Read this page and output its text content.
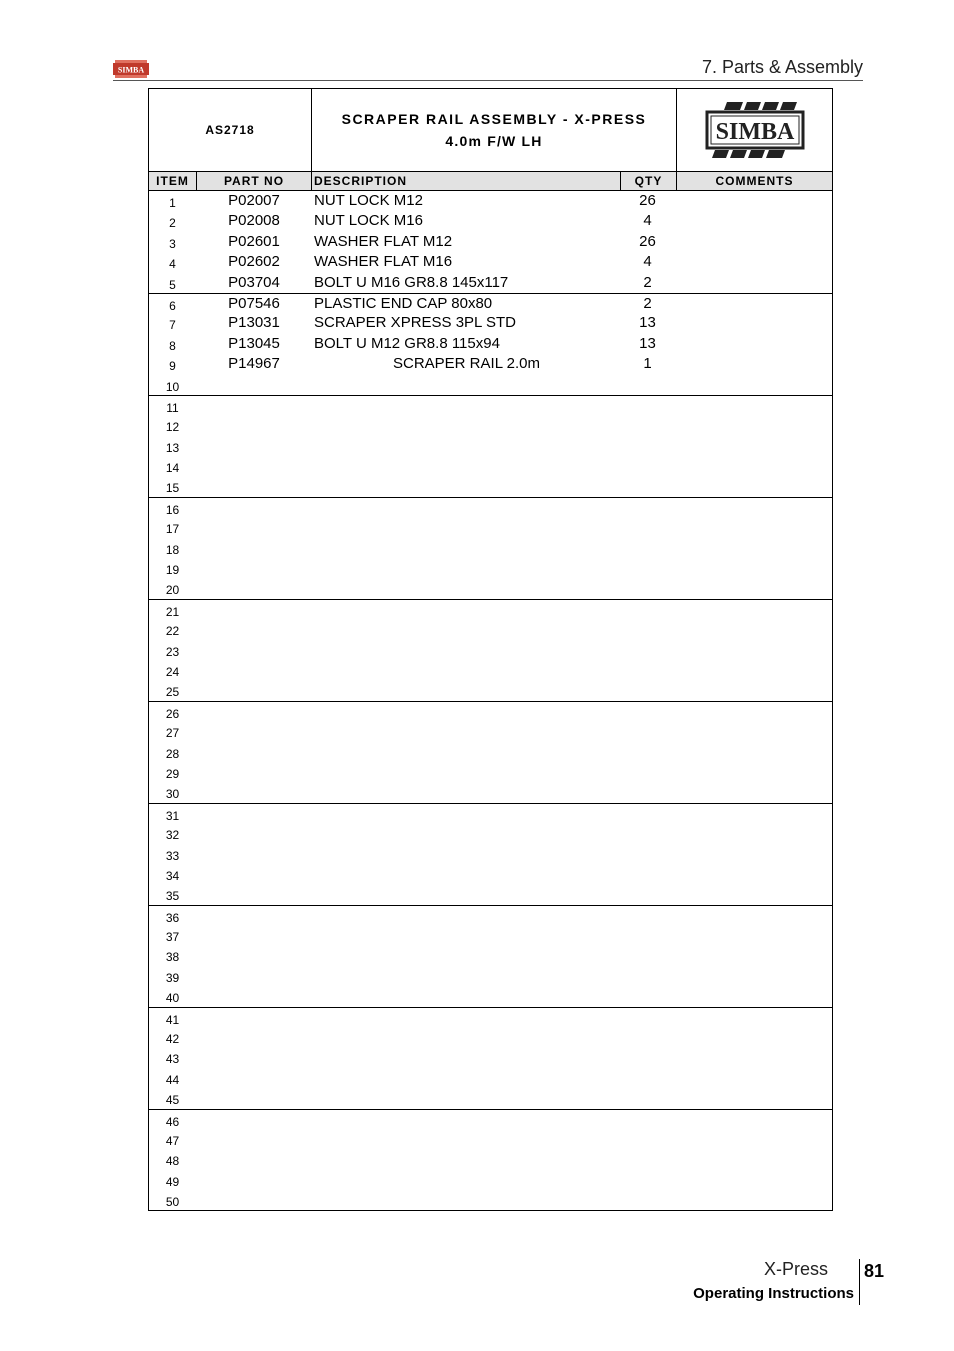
SIMBA	7. Parts & Assembly
AS2718
SCRAPER RAIL ASSEMBLY - X-PRESS
4.0m F/W LH	SIMBA
ITEM	PART NO	DESCRIPTION	QTY	COMMENTS
1	P02007	NUT LOCK M12	26
2	P02008	NUT LOCK M16	4
3	P02601	WASHER FLAT M12	26
4	P02602	WASHER FLAT M16	4
5	P03704	BOLT U M16 GR8.8 145x117	2
6	P07546	PLASTIC END CAP 80x80	2
7	P13031	SCRAPER XPRESS 3PL STD	13
8	P13045	BOLT U M12 GR8.8 115x94	13
9	P14967	SCRAPER RAIL 2.0m	1
10
11
12
13
14
15
16
17
18
19
20
21
22
23
24
25
26
27
28
29
30
31
32
33
34
35
36
37
38
39
40
41
42
43
44
45
46
47
48
49
50
X-Press 81
Operating Instructions
